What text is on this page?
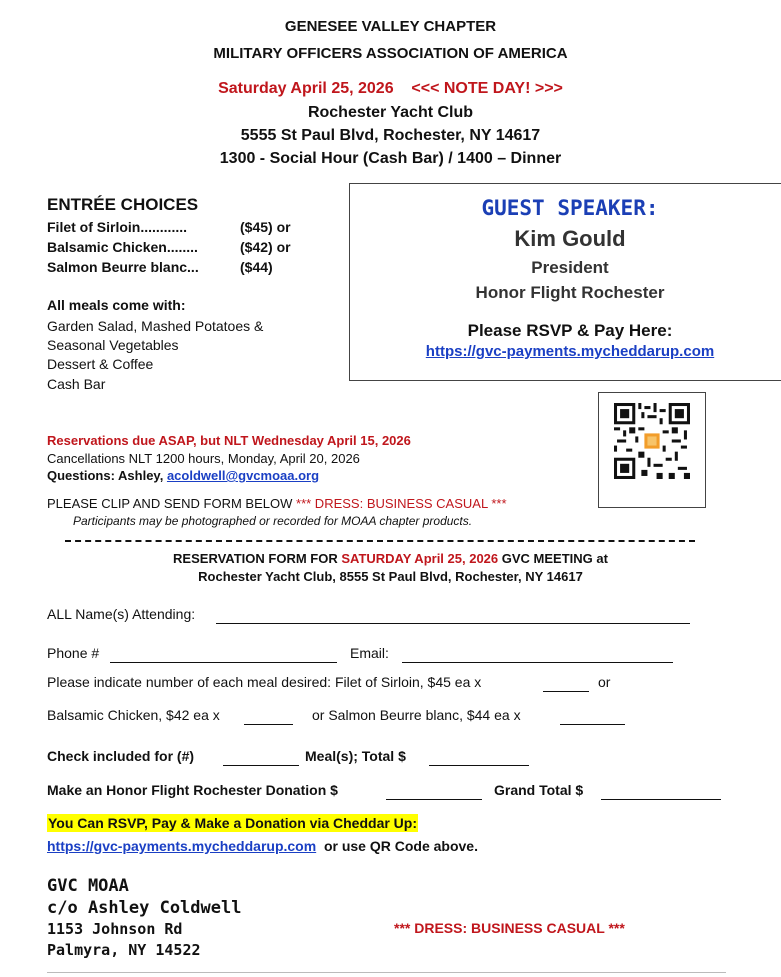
GENESEE VALLEY CHAPTER
MILITARY OFFICERS ASSOCIATION OF AMERICA
Saturday April 25, 2026 <<< NOTE DAY! >>>
Rochester Yacht Club
5555 St Paul Blvd, Rochester, NY 14617
1300 - Social Hour (Cash Bar) / 1400 – Dinner
ENTRÉE CHOICES
Filet of Sirloin............	($45) or
Balsamic Chicken........	($42) or
Salmon Beurre blanc...	($44)
All meals come with:
Garden Salad, Mashed Potatoes &
Seasonal Vegetables
Dessert & Coffee
Cash Bar
GUEST SPEAKER:
Kim Gould
President
Honor Flight Rochester
Please RSVP & Pay Here:
https://gvc-payments.mycheddarup.com
Reservations due ASAP, but NLT Wednesday April 15, 2026
Cancellations NLT 1200 hours, Monday, April 20, 2026
Questions: Ashley, acoldwell@gvcmoaa.org
PLEASE CLIP AND SEND FORM BELOW *** DRESS: BUSINESS CASUAL ***
Participants may be photographed or recorded for MOAA chapter products.
RESERVATION FORM FOR SATURDAY April 25, 2026 GVC MEETING at
Rochester Yacht Club, 8555 St Paul Blvd, Rochester, NY 14617
ALL Name(s) Attending:
Phone #	Email:
Please indicate number of each meal desired: Filet of Sirloin, $45 ea x	or
Balsamic Chicken, $42 ea x	or Salmon Beurre blanc, $44 ea x
Check included for (#)	Meal(s); Total $
Make an Honor Flight Rochester Donation $	Grand Total $
You Can RSVP, Pay & Make a Donation via Cheddar Up:
https://gvc-payments.mycheddarup.com or use QR Code above.
GVC MOAA
c/o Ashley Coldwell
1153 Johnson Rd
Palmyra, NY 14522
*** DRESS: BUSINESS CASUAL ***
